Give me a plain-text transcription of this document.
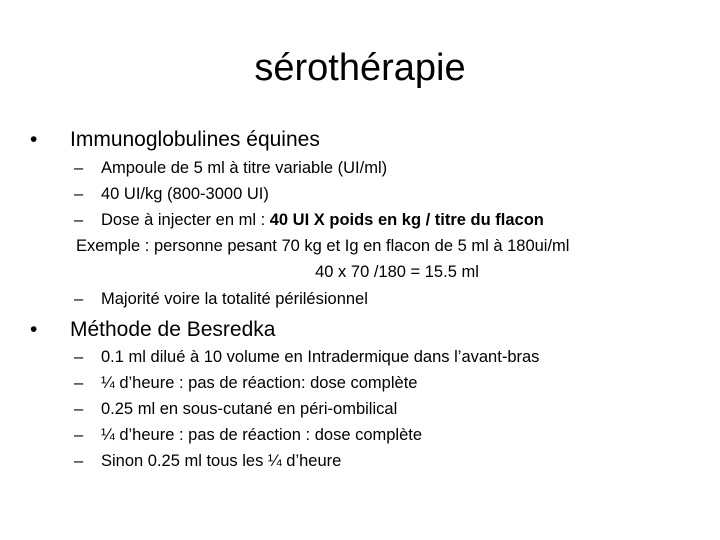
sérothérapie
• Immunoglobulines équines
– Ampoule de 5 ml à titre variable (UI/ml)
– 40 UI/kg (800-3000 UI)
– Dose à injecter en ml : 40 UI X poids en kg / titre du flacon
Exemple : personne pesant 70 kg et Ig en flacon de 5 ml à 180ui/ml
40 x 70 /180 = 15.5 ml
– Majorité voire la totalité périlésionnel
• Méthode de Besredka
– 0.1 ml dilué à 10 volume en Intradermique dans l’avant-bras
– ¼ d’heure : pas de réaction: dose complète
– 0.25 ml en sous-cutané en péri-ombilical
– ¼ d’heure : pas de réaction : dose complète
– Sinon 0.25 ml tous les ¼ d’heure
